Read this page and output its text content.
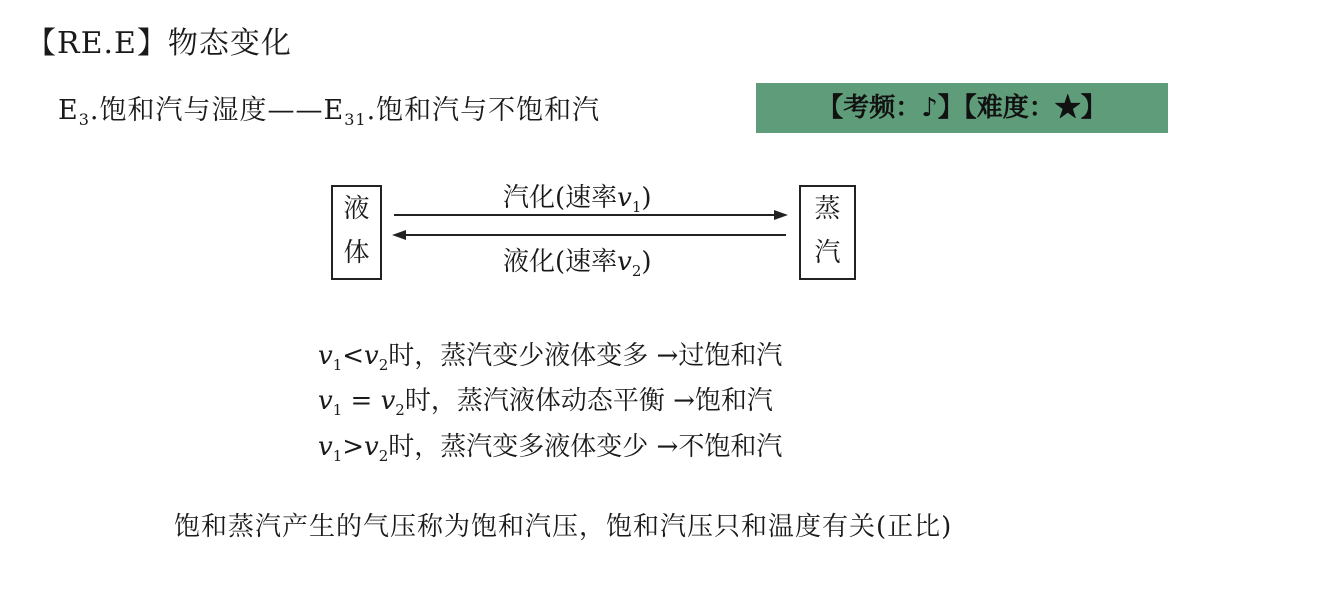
【RE.E】物态变化
$E_3$.饱和汽与湿度$——E_{31}$.饱和汽与不饱和汽	【考频：♪】【难度：★】
液
体
蒸
汽
汽化(速率$v_1$)
液化(速率$v_2$)
$v_1<v_2$时，蒸汽变少液体变多 →过饱和汽
$v_1 = v_2$时，蒸汽液体动态平衡 →饱和汽
$v_1>v_2$时，蒸汽变多液体变少 →不饱和汽
饱和蒸汽产生的气压称为饱和汽压，饱和汽压只和温度有关(正比)
